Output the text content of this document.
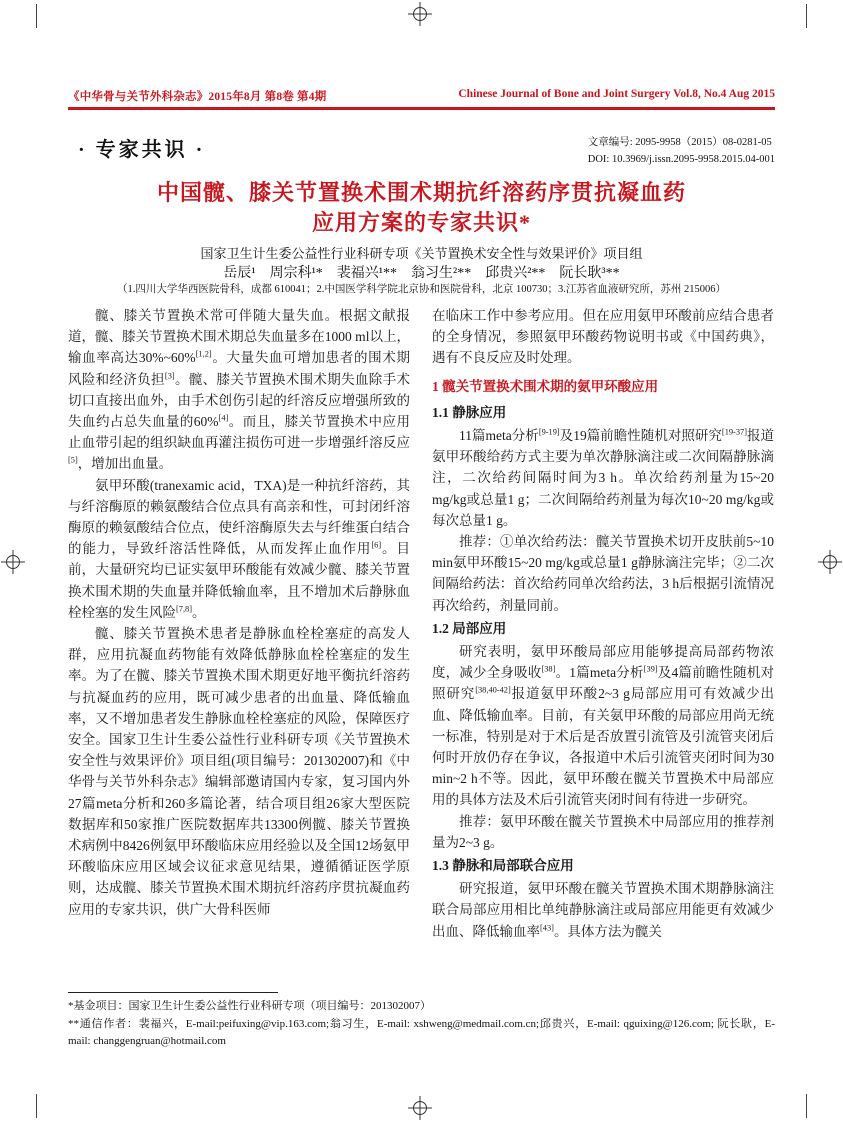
《中华骨与关节外科杂志》2015年8月 第8卷 第4期	Chinese Journal of Bone and Joint Surgery Vol.8, No.4 Aug 2015
· 专家共识 ·	文章编号: 2095-9958（2015）08-0281-05
DOI: 10.3969/j.issn.2095-9958.2015.04-001
中国髋、膝关节置换术围术期抗纤溶药序贯抗凝血药
应用方案的专家共识*
国家卫生计生委公益性行业科研专项《关节置换术安全性与效果评价》项目组
岳辰¹　周宗科¹*　裴福兴¹**　翁习生²**　邱贵兴²**　阮长耿³**
（1.四川大学华西医院骨科，成都 610041；2.中国医学科学院北京协和医院骨科，北京 100730；3.江苏省血液研究所，苏州 215006）

髋、膝关节置换术常可伴随大量失血。根据文献报道，髋、膝关节置换术围术期总失血量多在1000 ml以上，输血率高达30%~60%[1,2]。大量失血可增加患者的围术期风险和经济负担[3]。髋、膝关节置换术围术期失血除手术切口直接出血外，由手术创伤引起的纤溶反应增强所致的失血约占总失血量的60%[4]。而且，膝关节置换术中应用止血带引起的组织缺血再灌注损伤可进一步增强纤溶反应[5]，增加出血量。

氨甲环酸(tranexamic acid，TXA)是一种抗纤溶药，其与纤溶酶原的赖氨酸结合位点具有高亲和性，可封闭纤溶酶原的赖氨酸结合位点，使纤溶酶原失去与纤维蛋白结合的能力，导致纤溶活性降低，从而发挥止血作用[6]。目前，大量研究均已证实氨甲环酸能有效减少髋、膝关节置换术围术期的失血量并降低输血率，且不增加术后静脉血栓栓塞的发生风险[7,8]。

髋、膝关节置换术患者是静脉血栓栓塞症的高发人群，应用抗凝血药物能有效降低静脉血栓栓塞症的发生率。为了在髋、膝关节置换术围术期更好地平衡抗纤溶药与抗凝血药的应用，既可减少患者的出血量、降低输血率，又不增加患者发生静脉血栓栓塞症的风险，保障医疗安全。国家卫生计生委公益性行业科研专项《关节置换术安全性与效果评价》项目组(项目编号：201302007)和《中华骨与关节外科杂志》编辑部邀请国内专家，复习国内外27篇meta分析和260多篇论著，结合项目组26家大型医院数据库和50家推广医院数据库共13300例髋、膝关节置换术病例中8426例氨甲环酸临床应用经验以及全国12场氨甲环酸临床应用区域会议征求意见结果，遵循循证医学原则，达成髋、膝关节置换术围术期抗纤溶药序贯抗凝血药应用的专家共识，供广大骨科医师

在临床工作中参考应用。但在应用氨甲环酸前应结合患者的全身情况，参照氨甲环酸药物说明书或《中国药典》，遇有不良反应及时处理。

1 髋关节置换术围术期的氨甲环酸应用
1.1 静脉应用

11篇meta分析[9-19]及19篇前瞻性随机对照研究[19-37]报道氨甲环酸给药方式主要为单次静脉滴注或二次间隔静脉滴注，二次给药间隔时间为3 h。单次给药剂量为15~20 mg/kg或总量1 g；二次间隔给药剂量为每次10~20 mg/kg或每次总量1 g。

推荐：①单次给药法：髋关节置换术切开皮肤前5~10 min氨甲环酸15~20 mg/kg或总量1 g静脉滴注完毕；②二次间隔给药法：首次给药同单次给药法，3 h后根据引流情况再次给药，剂量同前。

1.2 局部应用

研究表明，氨甲环酸局部应用能够提高局部药物浓度，减少全身吸收[38]。1篇meta分析[39]及4篇前瞻性随机对照研究[38,40-42]报道氨甲环酸2~3 g局部应用可有效减少出血、降低输血率。目前，有关氨甲环酸的局部应用尚无统一标准，特别是对于术后是否放置引流管及引流管夹闭后何时开放仍存在争议，各报道中术后引流管夹闭时间为30 min~2 h不等。因此，氨甲环酸在髋关节置换术中局部应用的具体方法及术后引流管夹闭时间有待进一步研究。

推荐：氨甲环酸在髋关节置换术中局部应用的推荐剂量为2~3 g。

1.3 静脉和局部联合应用

研究报道，氨甲环酸在髋关节置换术围术期静脉滴注联合局部应用相比单纯静脉滴注或局部应用能更有效减少出血、降低输血率[43]。具体方法为髋关

*基金项目：国家卫生计生委公益性行业科研专项（项目编号：201302007）
**通信作者：裴福兴，E-mail:peifuxing@vip.163.com;翁习生，E-mail: xshweng@medmail.com.cn;邱贵兴，E-mail: qguixing@126.com; 阮长耿，E-mail: changgengruan@hotmail.com
